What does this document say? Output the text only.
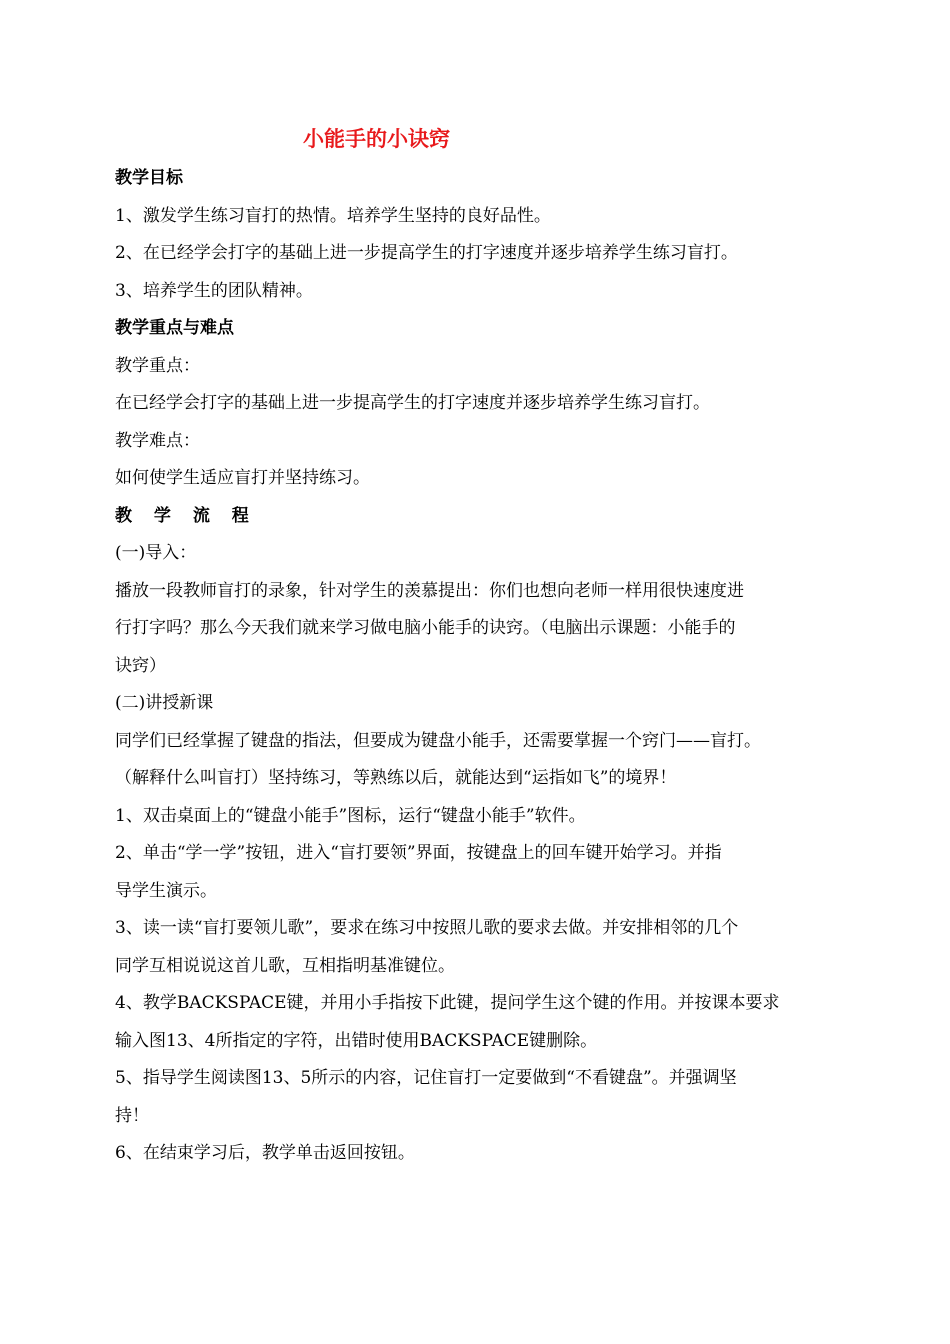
小能手的小诀窍
教学目标
1、激发学生练习盲打的热情。培养学生坚持的良好品性。
2、在已经学会打字的基础上进一步提高学生的打字速度并逐步培养学生练习盲打。
3、培养学生的团队精神。
教学重点与难点
教学重点：
在已经学会打字的基础上进一步提高学生的打字速度并逐步培养学生练习盲打。
教学难点：
如何使学生适应盲打并坚持练习。
教 学 流 程
(一)导入：
播放一段教师盲打的录象，针对学生的羡慕提出：你们也想向老师一样用很快速度进
行打字吗？那么今天我们就来学习做电脑小能手的诀窍。（电脑出示课题：小能手的
诀窍）
(二)讲授新课
同学们已经掌握了键盘的指法，但要成为键盘小能手，还需要掌握一个窍门——盲打。
（解释什么叫盲打）坚持练习，等熟练以后，就能达到“运指如飞”的境界！
1、双击桌面上的“键盘小能手”图标，运行“键盘小能手”软件。
2、单击“学一学”按钮，进入“盲打要领”界面，按键盘上的回车键开始学习。并指
导学生演示。
3、读一读“盲打要领儿歌”，要求在练习中按照儿歌的要求去做。并安排相邻的几个
同学互相说说这首儿歌，互相指明基准键位。
4、教学BACKSPACE键，并用小手指按下此键，提问学生这个键的作用。并按课本要求
输入图13、4所指定的字符，出错时使用BACKSPACE键删除。
5、指导学生阅读图13、5所示的内容，记住盲打一定要做到“不看键盘”。并强调坚
持！
6、在结束学习后，教学单击返回按钮。
